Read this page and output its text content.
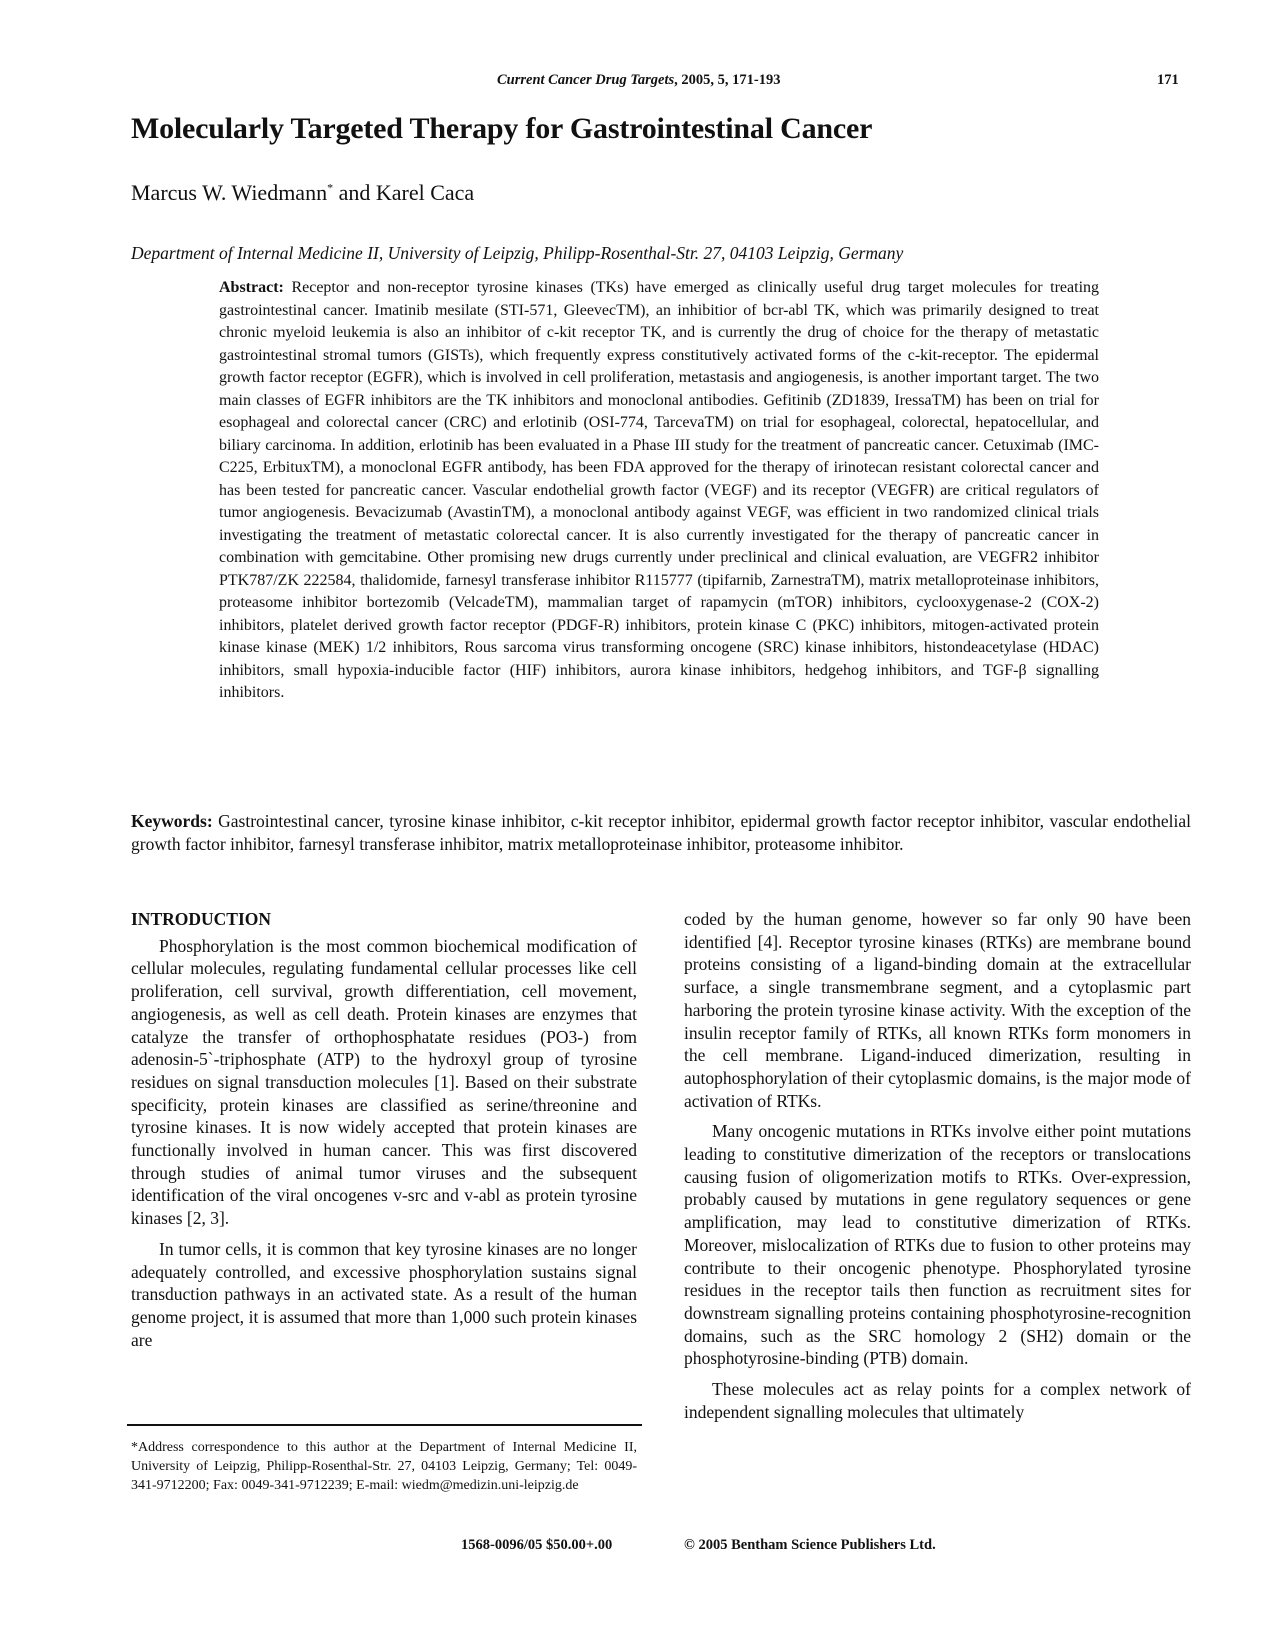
Current Cancer Drug Targets, 2005, 5, 171-193	171
Molecularly Targeted Therapy for Gastrointestinal Cancer
Marcus W. Wiedmann* and Karel Caca
Department of Internal Medicine II, University of Leipzig, Philipp-Rosenthal-Str. 27, 04103 Leipzig, Germany

Abstract: Receptor and non-receptor tyrosine kinases (TKs) have emerged as clinically useful drug target molecules for treating gastrointestinal cancer. Imatinib mesilate (STI-571, GleevecTM), an inhibitior of bcr-abl TK, which was primarily designed to treat chronic myeloid leukemia is also an inhibitor of c-kit receptor TK, and is currently the drug of choice for the therapy of metastatic gastrointestinal stromal tumors (GISTs), which frequently express constitutively activated forms of the c-kit-receptor. The epidermal growth factor receptor (EGFR), which is involved in cell proliferation, metastasis and angiogenesis, is another important target. The two main classes of EGFR inhibitors are the TK inhibitors and monoclonal antibodies. Gefitinib (ZD1839, IressaTM) has been on trial for esophageal and colorectal cancer (CRC) and erlotinib (OSI-774, TarcevaTM) on trial for esophageal, colorectal, hepatocellular, and biliary carcinoma. In addition, erlotinib has been evaluated in a Phase III study for the treatment of pancreatic cancer. Cetuximab (IMC-C225, ErbituxTM), a monoclonal EGFR antibody, has been FDA approved for the therapy of irinotecan resistant colorectal cancer and has been tested for pancreatic cancer. Vascular endothelial growth factor (VEGF) and its receptor (VEGFR) are critical regulators of tumor angiogenesis. Bevacizumab (AvastinTM), a monoclonal antibody against VEGF, was efficient in two randomized clinical trials investigating the treatment of metastatic colorectal cancer. It is also currently investigated for the therapy of pancreatic cancer in combination with gemcitabine. Other promising new drugs currently under preclinical and clinical evaluation, are VEGFR2 inhibitor PTK787/ZK 222584, thalidomide, farnesyl transferase inhibitor R115777 (tipifarnib, ZarnestraTM), matrix metalloproteinase inhibitors, proteasome inhibitor bortezomib (VelcadeTM), mammalian target of rapamycin (mTOR) inhibitors, cyclooxygenase-2 (COX-2) inhibitors, platelet derived growth factor receptor (PDGF-R) inhibitors, protein kinase C (PKC) inhibitors, mitogen-activated protein kinase kinase (MEK) 1/2 inhibitors, Rous sarcoma virus transforming oncogene (SRC) kinase inhibitors, histondeacetylase (HDAC) inhibitors, small hypoxia-inducible factor (HIF) inhibitors, aurora kinase inhibitors, hedgehog inhibitors, and TGF-β signalling inhibitors.

Keywords: Gastrointestinal cancer, tyrosine kinase inhibitor, c-kit receptor inhibitor, epidermal growth factor receptor inhibitor, vascular endothelial growth factor inhibitor, farnesyl transferase inhibitor, matrix metalloproteinase inhibitor, proteasome inhibitor.

INTRODUCTION

Phosphorylation is the most common biochemical modification of cellular molecules, regulating fundamental cellular processes like cell proliferation, cell survival, growth differentiation, cell movement, angiogenesis, as well as cell death. Protein kinases are enzymes that catalyze the transfer of orthophosphatate residues (PO3-) from adenosin-5`-triphosphate (ATP) to the hydroxyl group of tyrosine residues on signal transduction molecules [1]. Based on their substrate specificity, protein kinases are classified as serine/threonine and tyrosine kinases. It is now widely accepted that protein kinases are functionally involved in human cancer. This was first discovered through studies of animal tumor viruses and the subsequent identification of the viral oncogenes v-src and v-abl as protein tyrosine kinases [2, 3].

In tumor cells, it is common that key tyrosine kinases are no longer adequately controlled, and excessive phosphorylation sustains signal transduction pathways in an activated state. As a result of the human genome project, it is assumed that more than 1,000 such protein kinases are

coded by the human genome, however so far only 90 have been identified [4]. Receptor tyrosine kinases (RTKs) are membrane bound proteins consisting of a ligand-binding domain at the extracellular surface, a single transmembrane segment, and a cytoplasmic part harboring the protein tyrosine kinase activity. With the exception of the insulin receptor family of RTKs, all known RTKs form monomers in the cell membrane. Ligand-induced dimerization, resulting in autophosphorylation of their cytoplasmic domains, is the major mode of activation of RTKs.

Many oncogenic mutations in RTKs involve either point mutations leading to constitutive dimerization of the receptors or translocations causing fusion of oligomerization motifs to RTKs. Over-expression, probably caused by mutations in gene regulatory sequences or gene amplification, may lead to constitutive dimerization of RTKs. Moreover, mislocalization of RTKs due to fusion to other proteins may contribute to their oncogenic phenotype. Phosphorylated tyrosine residues in the receptor tails then function as recruitment sites for downstream signalling proteins containing phosphotyrosine-recognition domains, such as the SRC homology 2 (SH2) domain or the phosphotyrosine-binding (PTB) domain.

These molecules act as relay points for a complex network of independent signalling molecules that ultimately

*Address correspondence to this author at the Department of Internal Medicine II, University of Leipzig, Philipp-Rosenthal-Str. 27, 04103 Leipzig, Germany; Tel: 0049-341-9712200; Fax: 0049-341-9712239; E-mail: wiedm@medizin.uni-leipzig.de

1568-0096/05 $50.00+.00	© 2005 Bentham Science Publishers Ltd.
